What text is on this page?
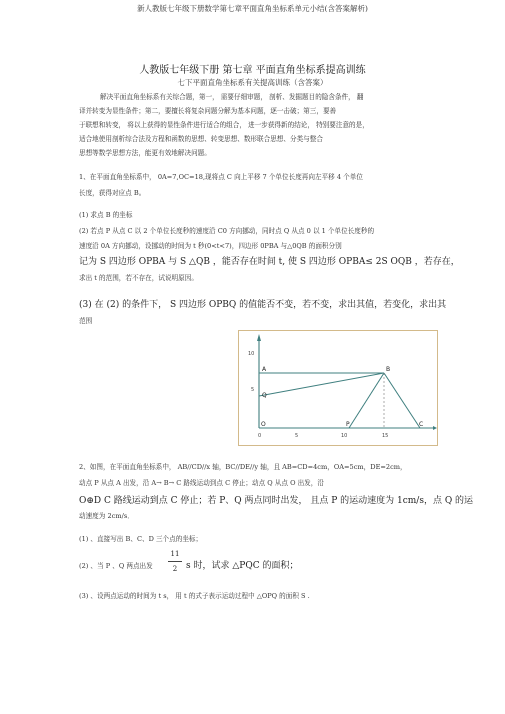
新人教版七年级下册数学第七章平面直角坐标系单元小结(含答案解析)
人教版七年级下册 第七章 平面直角坐标系提高训练
七下平面直角坐标系有关提高训练（含答案）
解决平面直角坐标系有关综合题，第一， 需要仔细审题， 剖析、发掘题目的隐含条件， 翻
译并转变为显性条件；第二，要擅长将复杂问题分解为基本问题，逐一击破；第三，要善
于联想和转变， 将以上获得的显性条件进行适合的组合， 进一步获得新的结论， 特别要注意的是，
适合地使用剖析综合法及方程和函数的思想、转变思想、数形联合思想、分类与整合
思想等数学思想方法，能更有效地解决问题。
1、在平面直角坐标系中， 0A=7,OC=18,现将点 C 向上平移 7 个单位长度再向左平移 4 个单位
长度，获得对应点 B。
(1) 求点 B 的坐标
(2) 若点 P 从点 C 以 2 个单位长度秒的速度沿 C0 方向挪动，同时点 Q 从点 0 以 1 个单位长度秒的
速度沿 0A 方向挪动，设挪动的时间为 t 秒(0<t<7)，四边形 0PBA 与△0QB 的面积分别
记为 S 四边形 OPBA 与 S △QB ，能否存在时间 t, 使 S 四边形 OPBA≤ 2S OQB ，若存在，
求出 t 的范围，若不存在，试说明原因。
(3) 在 (2) 的条件下， S 四边形 OPBQ 的值能否不变，若不变，求出其值，若变化，求出其
范围
10
5
0	5	10	15
A	B
Q
P	C
O
2、如图，在平面直角坐标系中， AB//CD//x 轴，BC//DE//y 轴，且 AB=CD=4cm，OA=5cm，DE=2cm，
动点 P 从点 A 出发，沿 A→ B→ C 路线运动到点 C 停止；动点 Q 从点 O 出发，沿
O⊕D C 路线运动到点 C 停止；若 P、Q 两点同时出发， 且点 P 的运动速度为 1cm/s，点 Q 的运
动速度为 2cm/s．
(1) 、直接写出 B、C、D 三个点的坐标；
(2) 、当 P 、Q 两点出发
11
2 s 时，试求 △PQC 的面积；
(3) 、设两点运动的时间为 t s， 用 t 的式子表示运动过程中 △OPQ 的面积 S .
